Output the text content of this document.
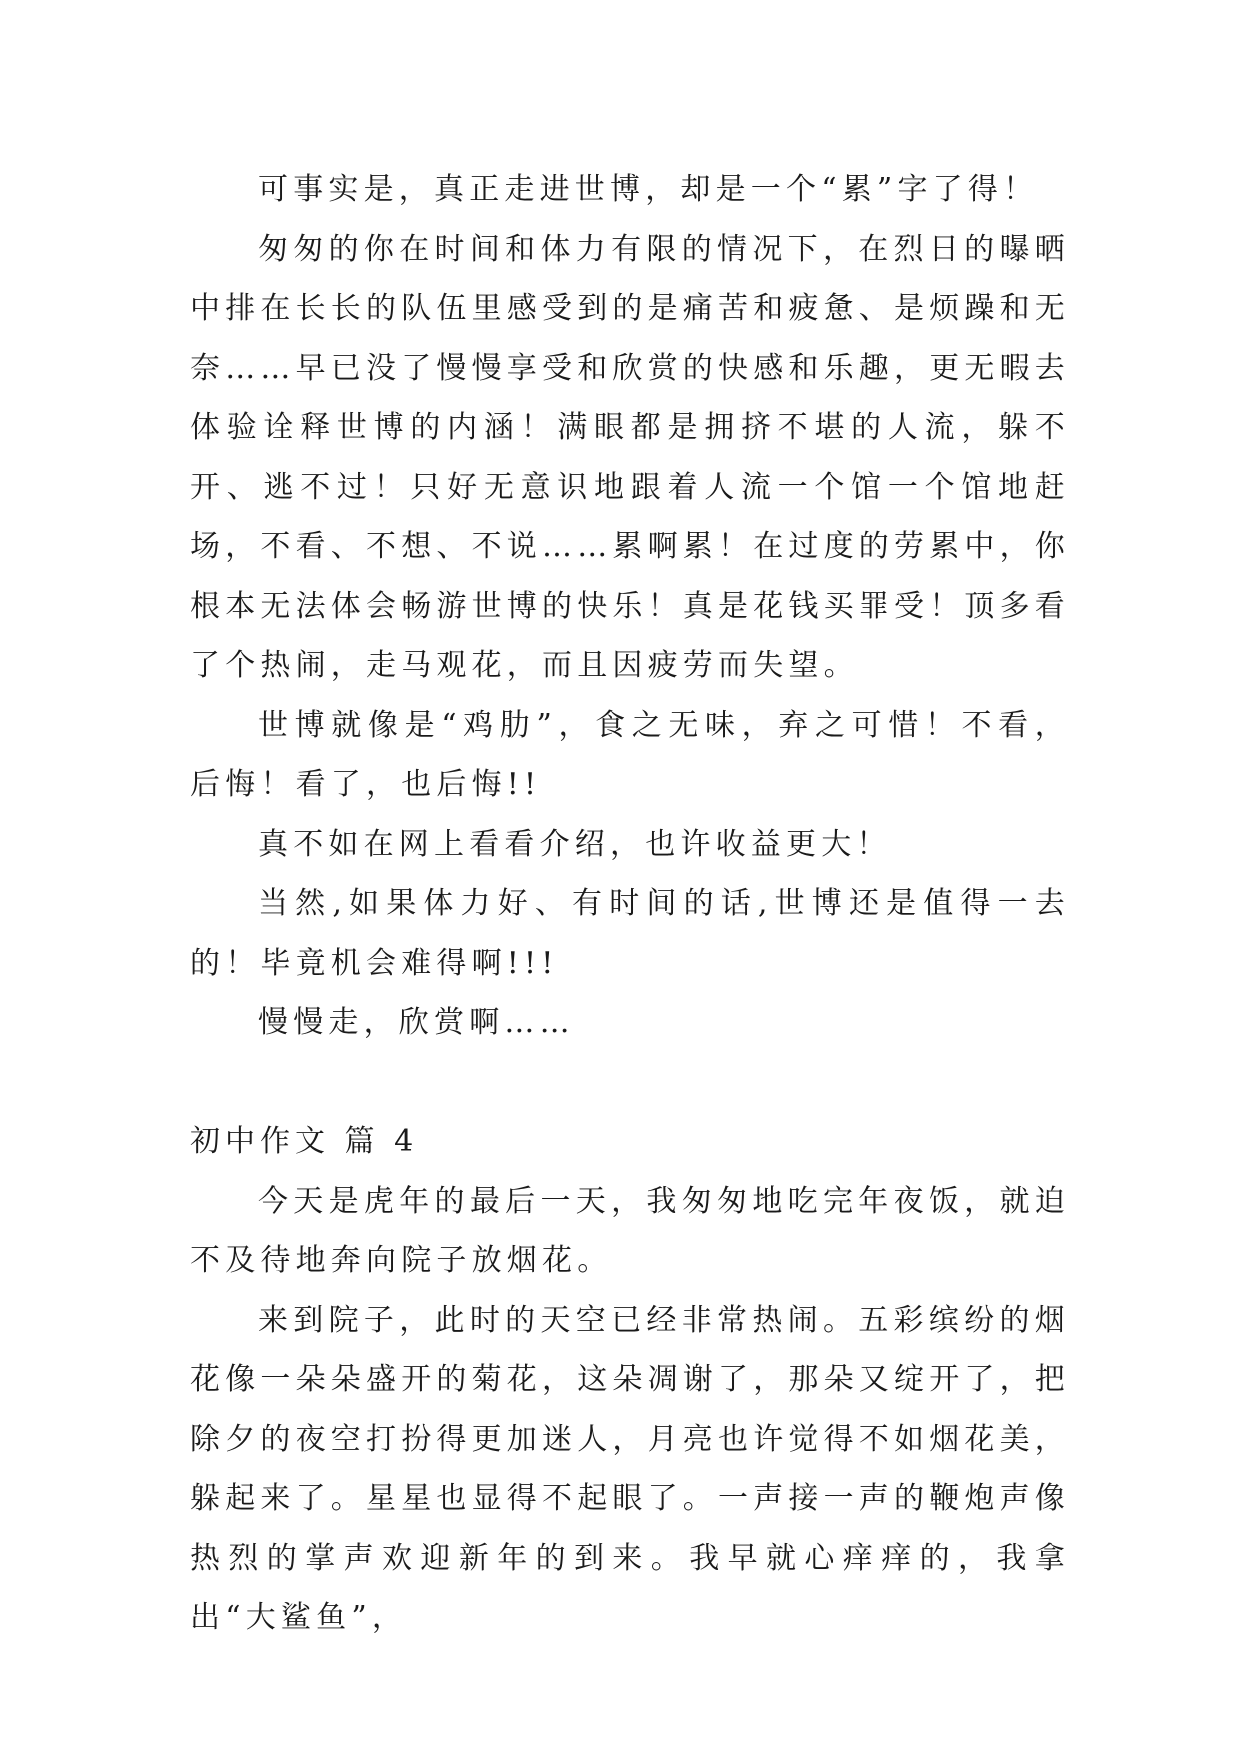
可事实是，真正走进世博，却是一个“累”字了得！

匆匆的你在时间和体力有限的情况下，在烈日的曝晒中排在长长的队伍里感受到的是痛苦和疲惫、是烦躁和无奈……早已没了慢慢享受和欣赏的快感和乐趣，更无暇去体验诠释世博的内涵！满眼都是拥挤不堪的人流，躲不开、逃不过！只好无意识地跟着人流一个馆一个馆地赶场，不看、不想、不说……累啊累！在过度的劳累中，你根本无法体会畅游世博的快乐！真是花钱买罪受！顶多看了个热闹，走马观花，而且因疲劳而失望。

世博就像是“鸡肋”，食之无味，弃之可惜！不看，后悔！看了，也后悔!!

真不如在网上看看介绍，也许收益更大！

当然,如果体力好、有时间的话,世博还是值得一去的！毕竟机会难得啊!!!

慢慢走，欣赏啊……

初中作文 篇 4

今天是虎年的最后一天，我匆匆地吃完年夜饭，就迫不及待地奔向院子放烟花。

来到院子，此时的天空已经非常热闹。五彩缤纷的烟花像一朵朵盛开的菊花，这朵凋谢了，那朵又绽开了，把除夕的夜空打扮得更加迷人，月亮也许觉得不如烟花美，躲起来了。星星也显得不起眼了。一声接一声的鞭炮声像热烈的掌声欢迎新年的到来。我早就心痒痒的，我拿出“大鲨鱼”，
